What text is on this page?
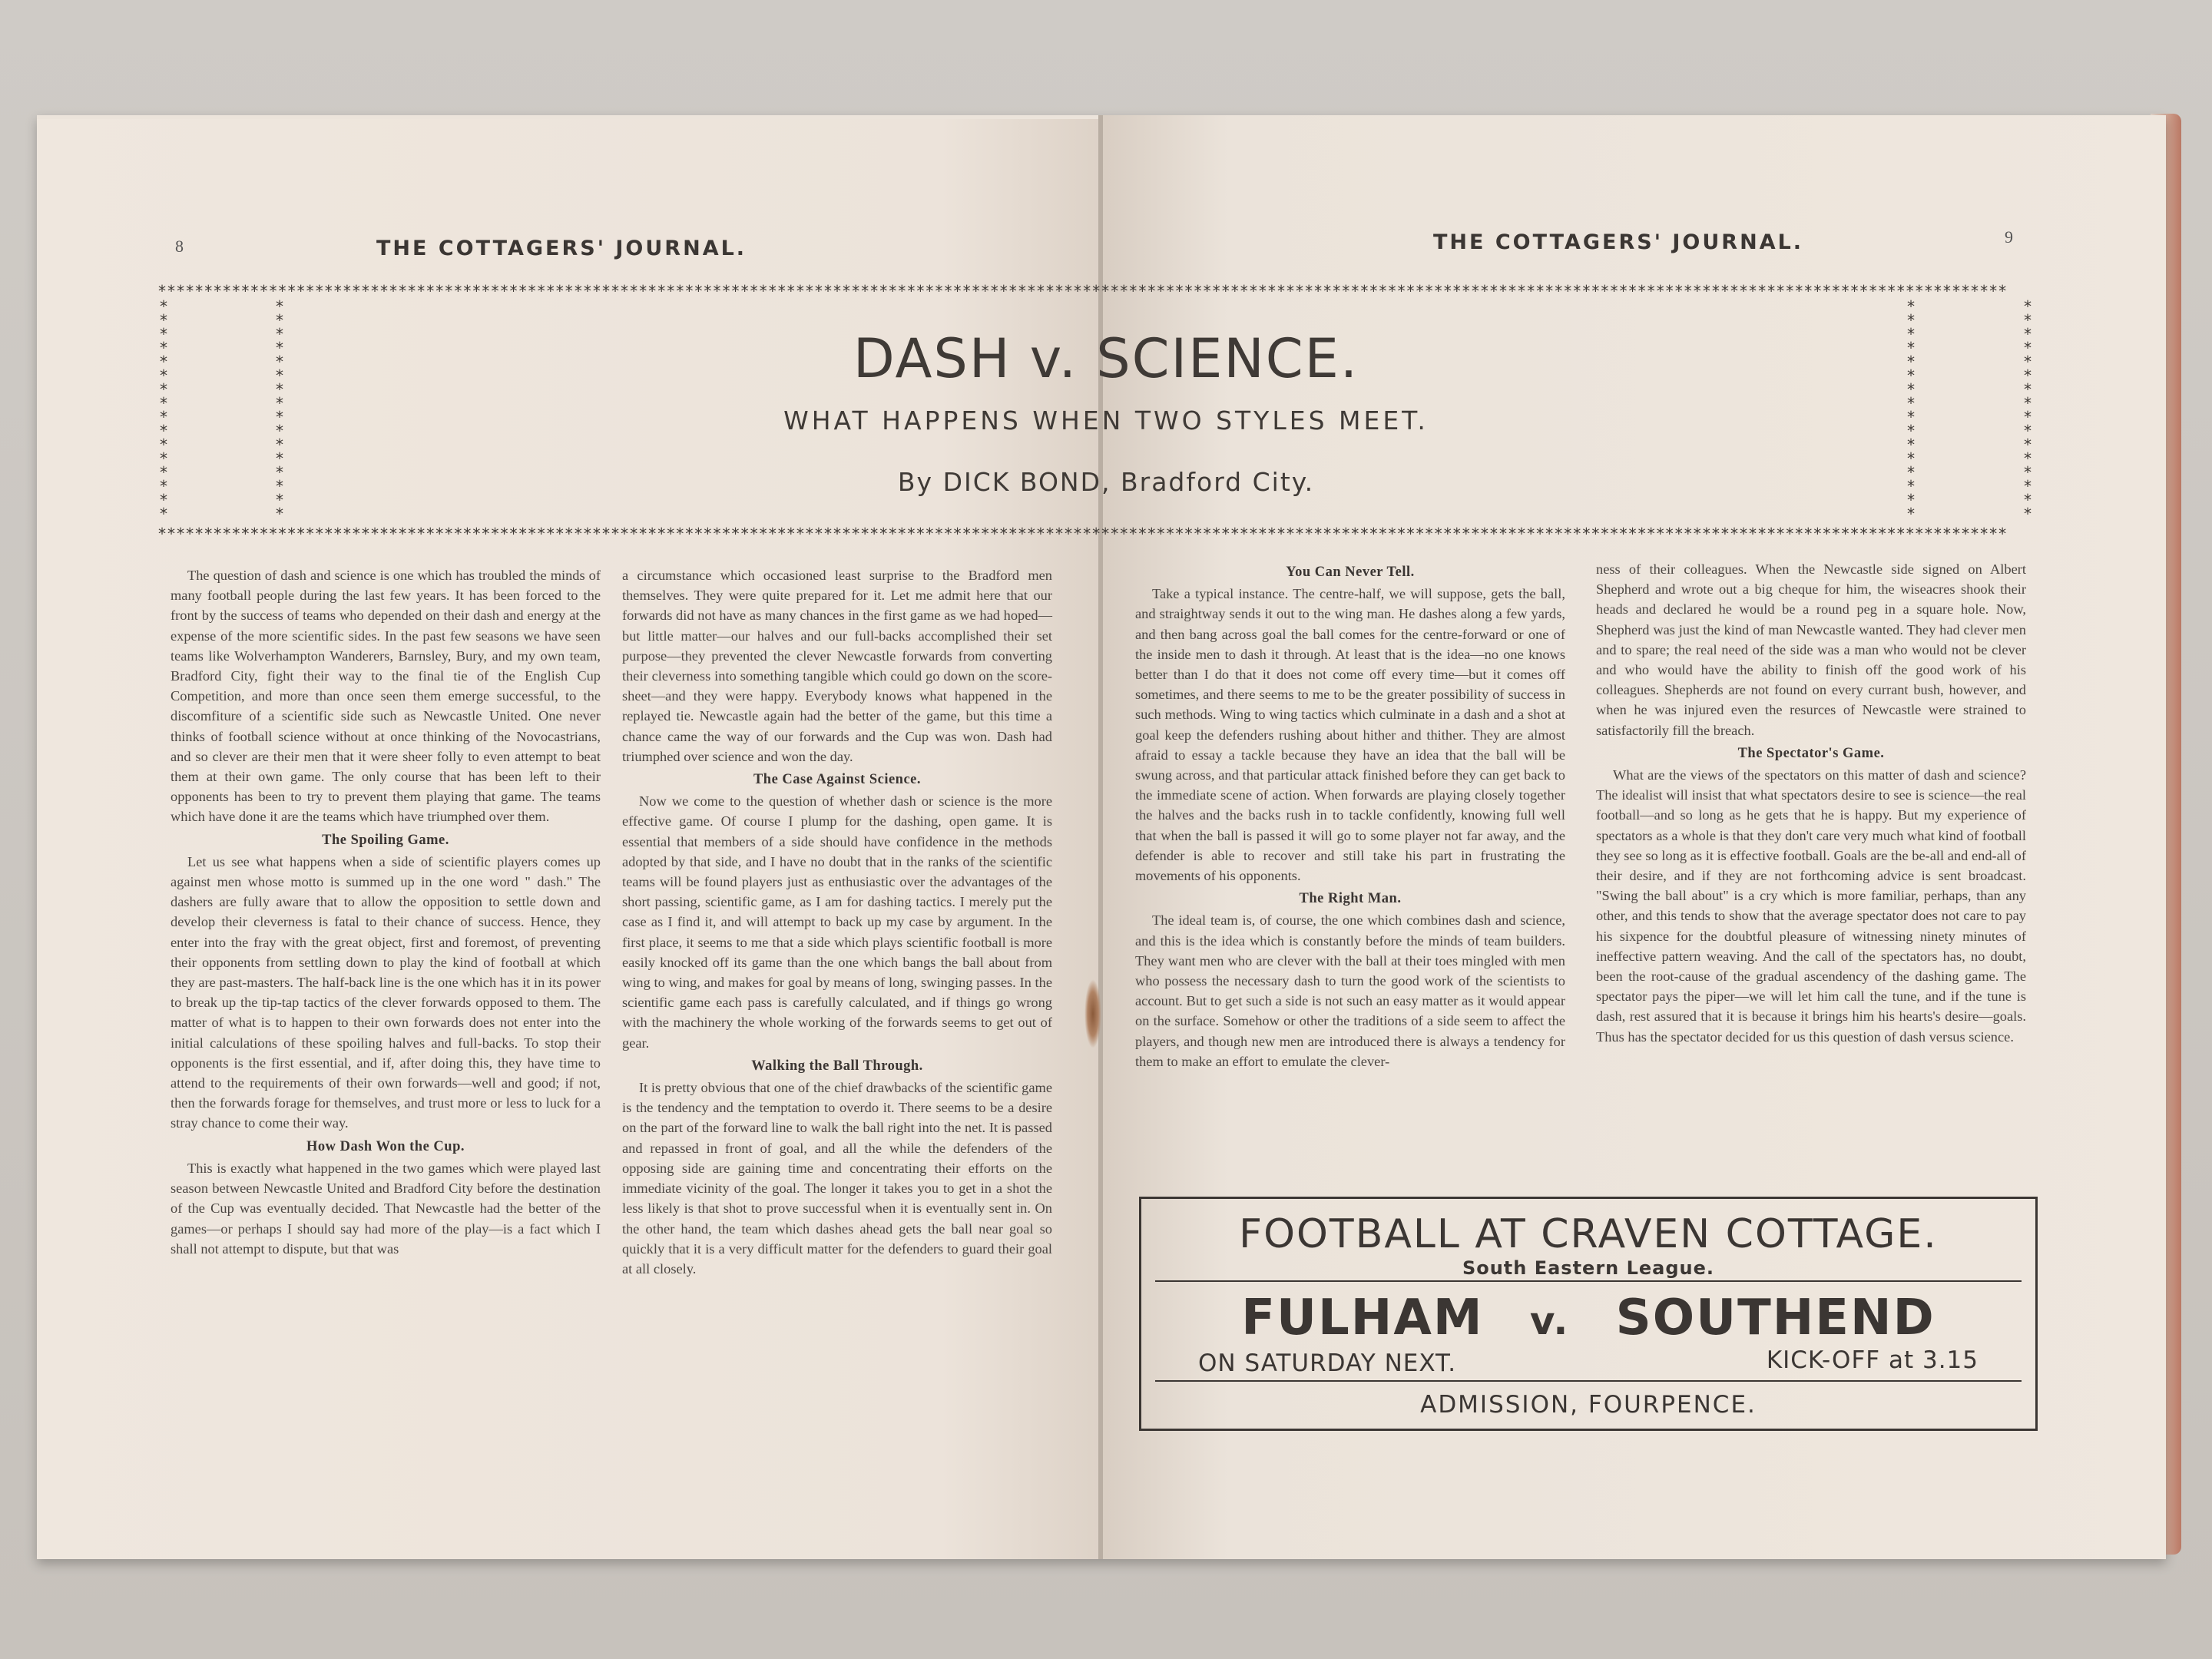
8	THE COTTAGERS' JOURNAL.	THE COTTAGERS' JOURNAL.	9
********************************************************************************************************************************************************************************************************
********************************************************************************************************************************************************************************************************
****************
****************
****************
****************
DASH v. SCIENCE.
WHAT HAPPENS WHEN TWO STYLES MEET.
By DICK BOND, Bradford City.

The question of dash and science is one which has troubled the minds of many football people during the last few years. It has been forced to the front by the success of teams who depended on their dash and energy at the expense of the more scientific sides. In the past few seasons we have seen teams like Wolverhampton Wanderers, Barnsley, Bury, and my own team, Bradford City, fight their way to the final tie of the English Cup Competition, and more than once seen them emerge successful, to the discomfiture of a scientific side such as Newcastle United. One never thinks of football science without at once thinking of the Novocastrians, and so clever are their men that it were sheer folly to even attempt to beat them at their own game. The only course that has been left to their opponents has been to try to prevent them playing that game. The teams which have done it are the teams which have triumphed over them.

The Spoiling Game.

Let us see what happens when a side of scientific players comes up against men whose motto is summed up in the one word " dash." The dashers are fully aware that to allow the opposition to settle down and develop their cleverness is fatal to their chance of success. Hence, they enter into the fray with the great object, first and foremost, of preventing their opponents from settling down to play the kind of football at which they are past-masters. The half-back line is the one which has it in its power to break up the tip-tap tactics of the clever forwards opposed to them. The matter of what is to happen to their own forwards does not enter into the initial calculations of these spoiling halves and full-backs. To stop their opponents is the first essential, and if, after doing this, they have time to attend to the requirements of their own forwards—well and good; if not, then the forwards forage for themselves, and trust more or less to luck for a stray chance to come their way.

How Dash Won the Cup.

This is exactly what happened in the two games which were played last season between Newcastle United and Bradford City before the destination of the Cup was eventually decided. That Newcastle had the better of the games—or perhaps I should say had more of the play—is a fact which I shall not attempt to dispute, but that was

a circumstance which occasioned least surprise to the Bradford men themselves. They were quite prepared for it. Let me admit here that our forwards did not have as many chances in the first game as we had hoped—but little matter—our halves and our full-backs accomplished their set purpose—they prevented the clever Newcastle forwards from converting their cleverness into something tangible which could go down on the score-sheet—and they were happy. Everybody knows what happened in the replayed tie. Newcastle again had the better of the game, but this time a chance came the way of our forwards and the Cup was won. Dash had triumphed over science and won the day.

The Case Against Science.

Now we come to the question of whether dash or science is the more effective game. Of course I plump for the dashing, open game. It is essential that members of a side should have confidence in the methods adopted by that side, and I have no doubt that in the ranks of the scientific teams will be found players just as enthusiastic over the advantages of the short passing, scientific game, as I am for dashing tactics. I merely put the case as I find it, and will attempt to back up my case by argument. In the first place, it seems to me that a side which plays scientific football is more easily knocked off its game than the one which bangs the ball about from wing to wing, and makes for goal by means of long, swinging passes. In the scientific game each pass is carefully calculated, and if things go wrong with the machinery the whole working of the forwards seems to get out of gear.

Walking the Ball Through.

It is pretty obvious that one of the chief drawbacks of the scientific game is the tendency and the temptation to overdo it. There seems to be a desire on the part of the forward line to walk the ball right into the net. It is passed and repassed in front of goal, and all the while the defenders of the opposing side are gaining time and concentrating their efforts on the immediate vicinity of the goal. The longer it takes you to get in a shot the less likely is that shot to prove successful when it is eventually sent in. On the other hand, the team which dashes ahead gets the ball near goal so quickly that it is a very difficult matter for the defenders to guard their goal at all closely.

You Can Never Tell.

Take a typical instance. The centre-half, we will suppose, gets the ball, and straightway sends it out to the wing man. He dashes along a few yards, and then bang across goal the ball comes for the centre-forward or one of the inside men to dash it through. At least that is the idea—no one knows better than I do that it does not come off every time—but it comes off sometimes, and there seems to me to be the greater possibility of success in such methods. Wing to wing tactics which culminate in a dash and a shot at goal keep the defenders rushing about hither and thither. They are almost afraid to essay a tackle because they have an idea that the ball will be swung across, and that particular attack finished before they can get back to the immediate scene of action. When forwards are playing closely together the halves and the backs rush in to tackle confidently, knowing full well that when the ball is passed it will go to some player not far away, and the defender is able to recover and still take his part in frustrating the movements of his opponents.

The Right Man.

The ideal team is, of course, the one which combines dash and science, and this is the idea which is constantly before the minds of team builders. They want men who are clever with the ball at their toes mingled with men who possess the necessary dash to turn the good work of the scientists to account. But to get such a side is not such an easy matter as it would appear on the surface. Somehow or other the traditions of a side seem to affect the players, and though new men are introduced there is always a tendency for them to make an effort to emulate the clever-

ness of their colleagues. When the Newcastle side signed on Albert Shepherd and wrote out a big cheque for him, the wiseacres shook their heads and declared he would be a round peg in a square hole. Now, Shepherd was just the kind of man Newcastle wanted. They had clever men and to spare; the real need of the side was a man who would not be clever and who would have the ability to finish off the good work of his colleagues. Shepherds are not found on every currant bush, however, and when he was injured even the resurces of Newcastle were strained to satisfactorily fill the breach.

The Spectator's Game.

What are the views of the spectators on this matter of dash and science? The idealist will insist that what spectators desire to see is science—the real football—and so long as he gets that he is happy. But my experience of spectators as a whole is that they don't care very much what kind of football they see so long as it is effective football. Goals are the be-all and end-all of their desire, and if they are not forthcoming advice is sent broadcast. "Swing the ball about" is a cry which is more familiar, perhaps, than any other, and this tends to show that the average spectator does not care to pay his sixpence for the doubtful pleasure of witnessing ninety minutes of ineffective pattern weaving. And the call of the spectators has, no doubt, been the root-cause of the gradual ascendency of the dashing game. The spectator pays the piper—we will let him call the tune, and if the tune is dash, rest assured that it is because it brings him his hearts's desire—goals. Thus has the spectator decided for us this question of dash versus science.

FOOTBALL AT CRAVEN COTTAGE.
South Eastern League.
FULHAM v. SOUTHEND
ON SATURDAY NEXT.	KICK-OFF at 3.15
ADMISSION, FOURPENCE.
